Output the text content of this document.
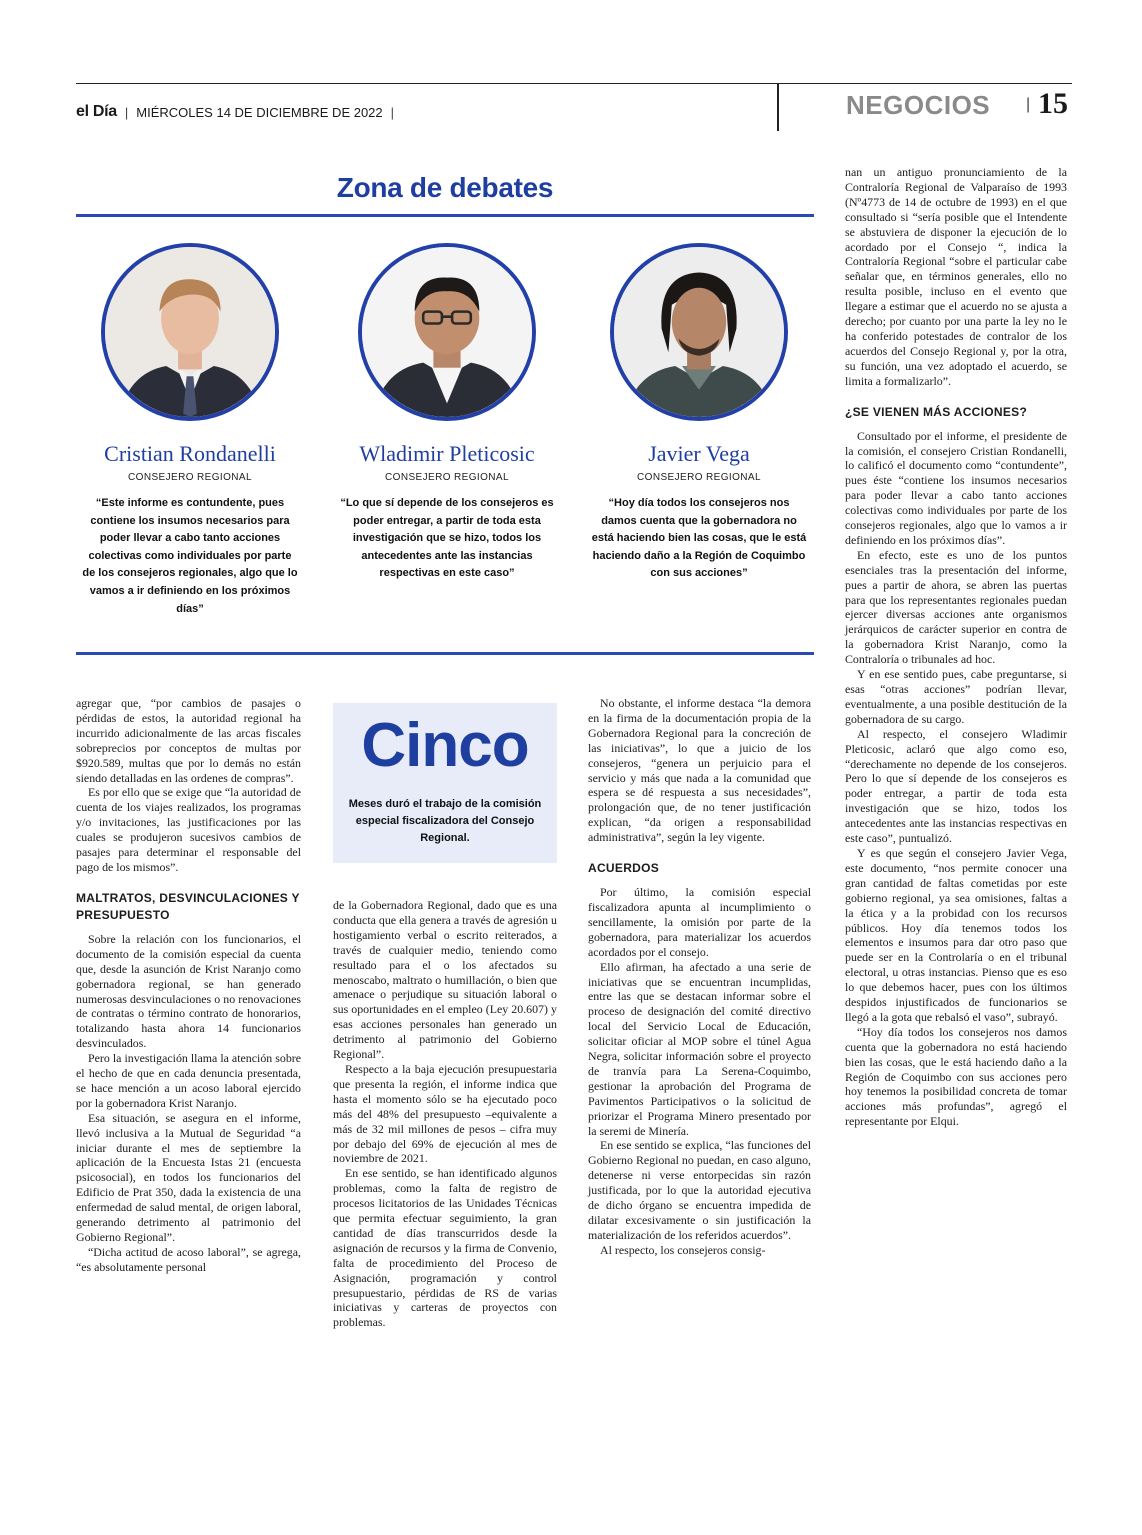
el Día | MIÉRCOLES 14 DE DICIEMBRE DE 2022 |	NEGOCIOS | 15
Zona de debates
Cristian Rondanelli
CONSEJERO REGIONAL
“Este informe es contundente, pues contiene los insumos necesarios para poder llevar a cabo tanto acciones colectivas como individuales por parte de los consejeros regionales, algo que lo vamos a ir definiendo en los próximos días”
Wladimir Pleticosic
CONSEJERO REGIONAL
“Lo que sí depende de los consejeros es poder entregar, a partir de toda esta investigación que se hizo, todos los antecedentes ante las instancias respectivas en este caso”
Javier Vega
CONSEJERO REGIONAL
“Hoy día todos los consejeros nos damos cuenta que la gobernadora no está haciendo bien las cosas, que le está haciendo daño a la Región de Coquimbo con sus acciones”

agregar que, “por cambios de pasajes o pérdidas de estos, la autoridad regional ha incurrido adicionalmente de las arcas fiscales sobreprecios por conceptos de multas por $920.589, multas que por lo demás no están siendo detalladas en las ordenes de compras”.

Es por ello que se exige que “la autoridad de cuenta de los viajes realizados, los programas y/o invitaciones, las justificaciones por las cuales se produjeron sucesivos cambios de pasajes para determinar el responsable del pago de los mismos”.

MALTRATOS, DESVINCULACIONES Y PRESUPUESTO

Sobre la relación con los funcionarios, el documento de la comisión especial da cuenta que, desde la asunción de Krist Naranjo como gobernadora regional, se han generado numerosas desvinculaciones o no renovaciones de contratas o término contrato de honorarios, totalizando hasta ahora 14 funcionarios desvinculados.

Pero la investigación llama la atención sobre el hecho de que en cada denuncia presentada, se hace mención a un acoso laboral ejercido por la gobernadora Krist Naranjo.

Esa situación, se asegura en el informe, llevó inclusiva a la Mutual de Seguridad “a iniciar durante el mes de septiembre la aplicación de la Encuesta Istas 21 (encuesta psicosocial), en todos los funcionarios del Edificio de Prat 350, dada la existencia de una enfermedad de salud mental, de origen laboral, generando detrimento al patrimonio del Gobierno Regional”.

“Dicha actitud de acoso laboral”, se agrega, “es absolutamente personal

Cinco
Meses duró el trabajo de la comisión especial fiscalizadora del Consejo Regional.

de la Gobernadora Regional, dado que es una conducta que ella genera a través de agresión u hostigamiento verbal o escrito reiterados, a través de cualquier medio, teniendo como resultado para el o los afectados su menoscabo, maltrato o humillación, o bien que amenace o perjudique su situación laboral o sus oportunidades en el empleo (Ley 20.607) y esas acciones personales han generado un detrimento al patrimonio del Gobierno Regional”.

Respecto a la baja ejecución presupuestaria que presenta la región, el informe indica que hasta el momento sólo se ha ejecutado poco más del 48% del presupuesto –equivalente a más de 32 mil millones de pesos – cifra muy por debajo del 69% de ejecución al mes de noviembre de 2021.

En ese sentido, se han identificado algunos problemas, como la falta de registro de procesos licitatorios de las Unidades Técnicas que permita efectuar seguimiento, la gran cantidad de días transcurridos desde la asignación de recursos y la firma de Convenio, falta de procedimiento del Proceso de Asignación, programación y control presupuestario, pérdidas de RS de varias iniciativas y carteras de proyectos con problemas.

No obstante, el informe destaca “la demora en la firma de la documentación propia de la Gobernadora Regional para la concreción de las iniciativas”, lo que a juicio de los consejeros, “genera un perjuicio para el servicio y más que nada a la comunidad que espera se dé respuesta a sus necesidades”, prolongación que, de no tener justificación explican, “da origen a responsabilidad administrativa”, según la ley vigente.

ACUERDOS

Por último, la comisión especial fiscalizadora apunta al incumplimiento o sencillamente, la omisión por parte de la gobernadora, para materializar los acuerdos acordados por el consejo.

Ello afirman, ha afectado a una serie de iniciativas que se encuentran incumplidas, entre las que se destacan informar sobre el proceso de designación del comité directivo local del Servicio Local de Educación, solicitar oficiar al MOP sobre el túnel Agua Negra, solicitar información sobre el proyecto de tranvía para La Serena-Coquimbo, gestionar la aprobación del Programa de Pavimentos Participativos o la solicitud de priorizar el Programa Minero presentado por la seremi de Minería.

En ese sentido se explica, “las funciones del Gobierno Regional no puedan, en caso alguno, detenerse ni verse entorpecidas sin razón justificada, por lo que la autoridad ejecutiva de dicho órgano se encuentra impedida de dilatar excesivamente o sin justificación la materialización de los referidos acuerdos”.

Al respecto, los consejeros consig-

nan un antiguo pronunciamiento de la Contraloría Regional de Valparaíso de 1993 (Nº4773 de 14 de octubre de 1993) en el que consultado si “sería posible que el Intendente se abstuviera de disponer la ejecución de lo acordado por el Consejo “, indica la Contraloría Regional “sobre el particular cabe señalar que, en términos generales, ello no resulta posible, incluso en el evento que llegare a estimar que el acuerdo no se ajusta a derecho; por cuanto por una parte la ley no le ha conferido potestades de contralor de los acuerdos del Consejo Regional y, por la otra, su función, una vez adoptado el acuerdo, se limita a formalizarlo”.

¿SE VIENEN MÁS ACCIONES?

Consultado por el informe, el presidente de la comisión, el consejero Cristian Rondanelli, lo calificó el documento como “contundente”, pues éste “contiene los insumos necesarios para poder llevar a cabo tanto acciones colectivas como individuales por parte de los consejeros regionales, algo que lo vamos a ir definiendo en los próximos días”.

En efecto, este es uno de los puntos esenciales tras la presentación del informe, pues a partir de ahora, se abren las puertas para que los representantes regionales puedan ejercer diversas acciones ante organismos jerárquicos de carácter superior en contra de la gobernadora Krist Naranjo, como la Contraloría o tribunales ad hoc.

Y en ese sentido pues, cabe preguntarse, si esas “otras acciones” podrían llevar, eventualmente, a una posible destitución de la gobernadora de su cargo.

Al respecto, el consejero Wladimir Pleticosic, aclaró que algo como eso, “derechamente no depende de los consejeros. Pero lo que sí depende de los consejeros es poder entregar, a partir de toda esta investigación que se hizo, todos los antecedentes ante las instancias respectivas en este caso”, puntualizó.

Y es que según el consejero Javier Vega, este documento, “nos permite conocer una gran cantidad de faltas cometidas por este gobierno regional, ya sea omisiones, faltas a la ética y a la probidad con los recursos públicos. Hoy día tenemos todos los elementos e insumos para dar otro paso que puede ser en la Controlaría o en el tribunal electoral, u otras instancias. Pienso que es eso lo que debemos hacer, pues con los últimos despidos injustificados de funcionarios se llegó a la gota que rebalsó el vaso”, subrayó.

“Hoy día todos los consejeros nos damos cuenta que la gobernadora no está haciendo bien las cosas, que le está haciendo daño a la Región de Coquimbo con sus acciones pero hoy tenemos la posibilidad concreta de tomar acciones más profundas”, agregó el representante por Elqui.
